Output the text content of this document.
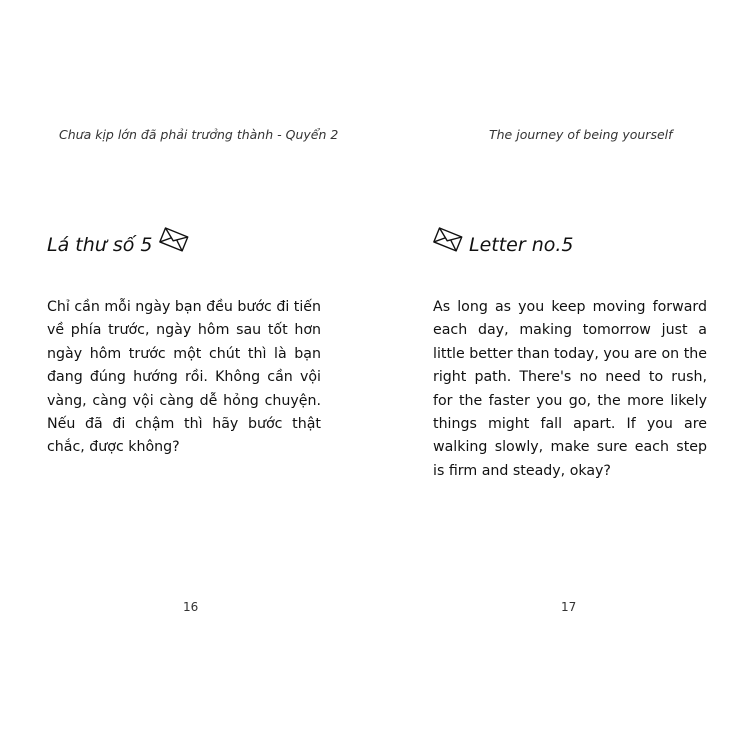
Chưa kịp lớn đã phải trưởng thành - Quyển 2
Lá thư số 5
Chỉ cần mỗi ngày bạn đều bước đi tiến về phía trước, ngày hôm sau tốt hơn ngày hôm trước một chút thì là bạn đang đúng hướng rồi. Không cần vội vàng, càng vội càng dễ hỏng chuyện. Nếu đã đi chậm thì hãy bước thật chắc, được không?
16
The journey of being yourself
Letter no.5
As long as you keep moving forward each day, making tomorrow just a little better than today, you are on the right path. There's no need to rush, for the faster you go, the more likely things might fall apart. If you are walking slowly, make sure each step is firm and steady, okay?
17
